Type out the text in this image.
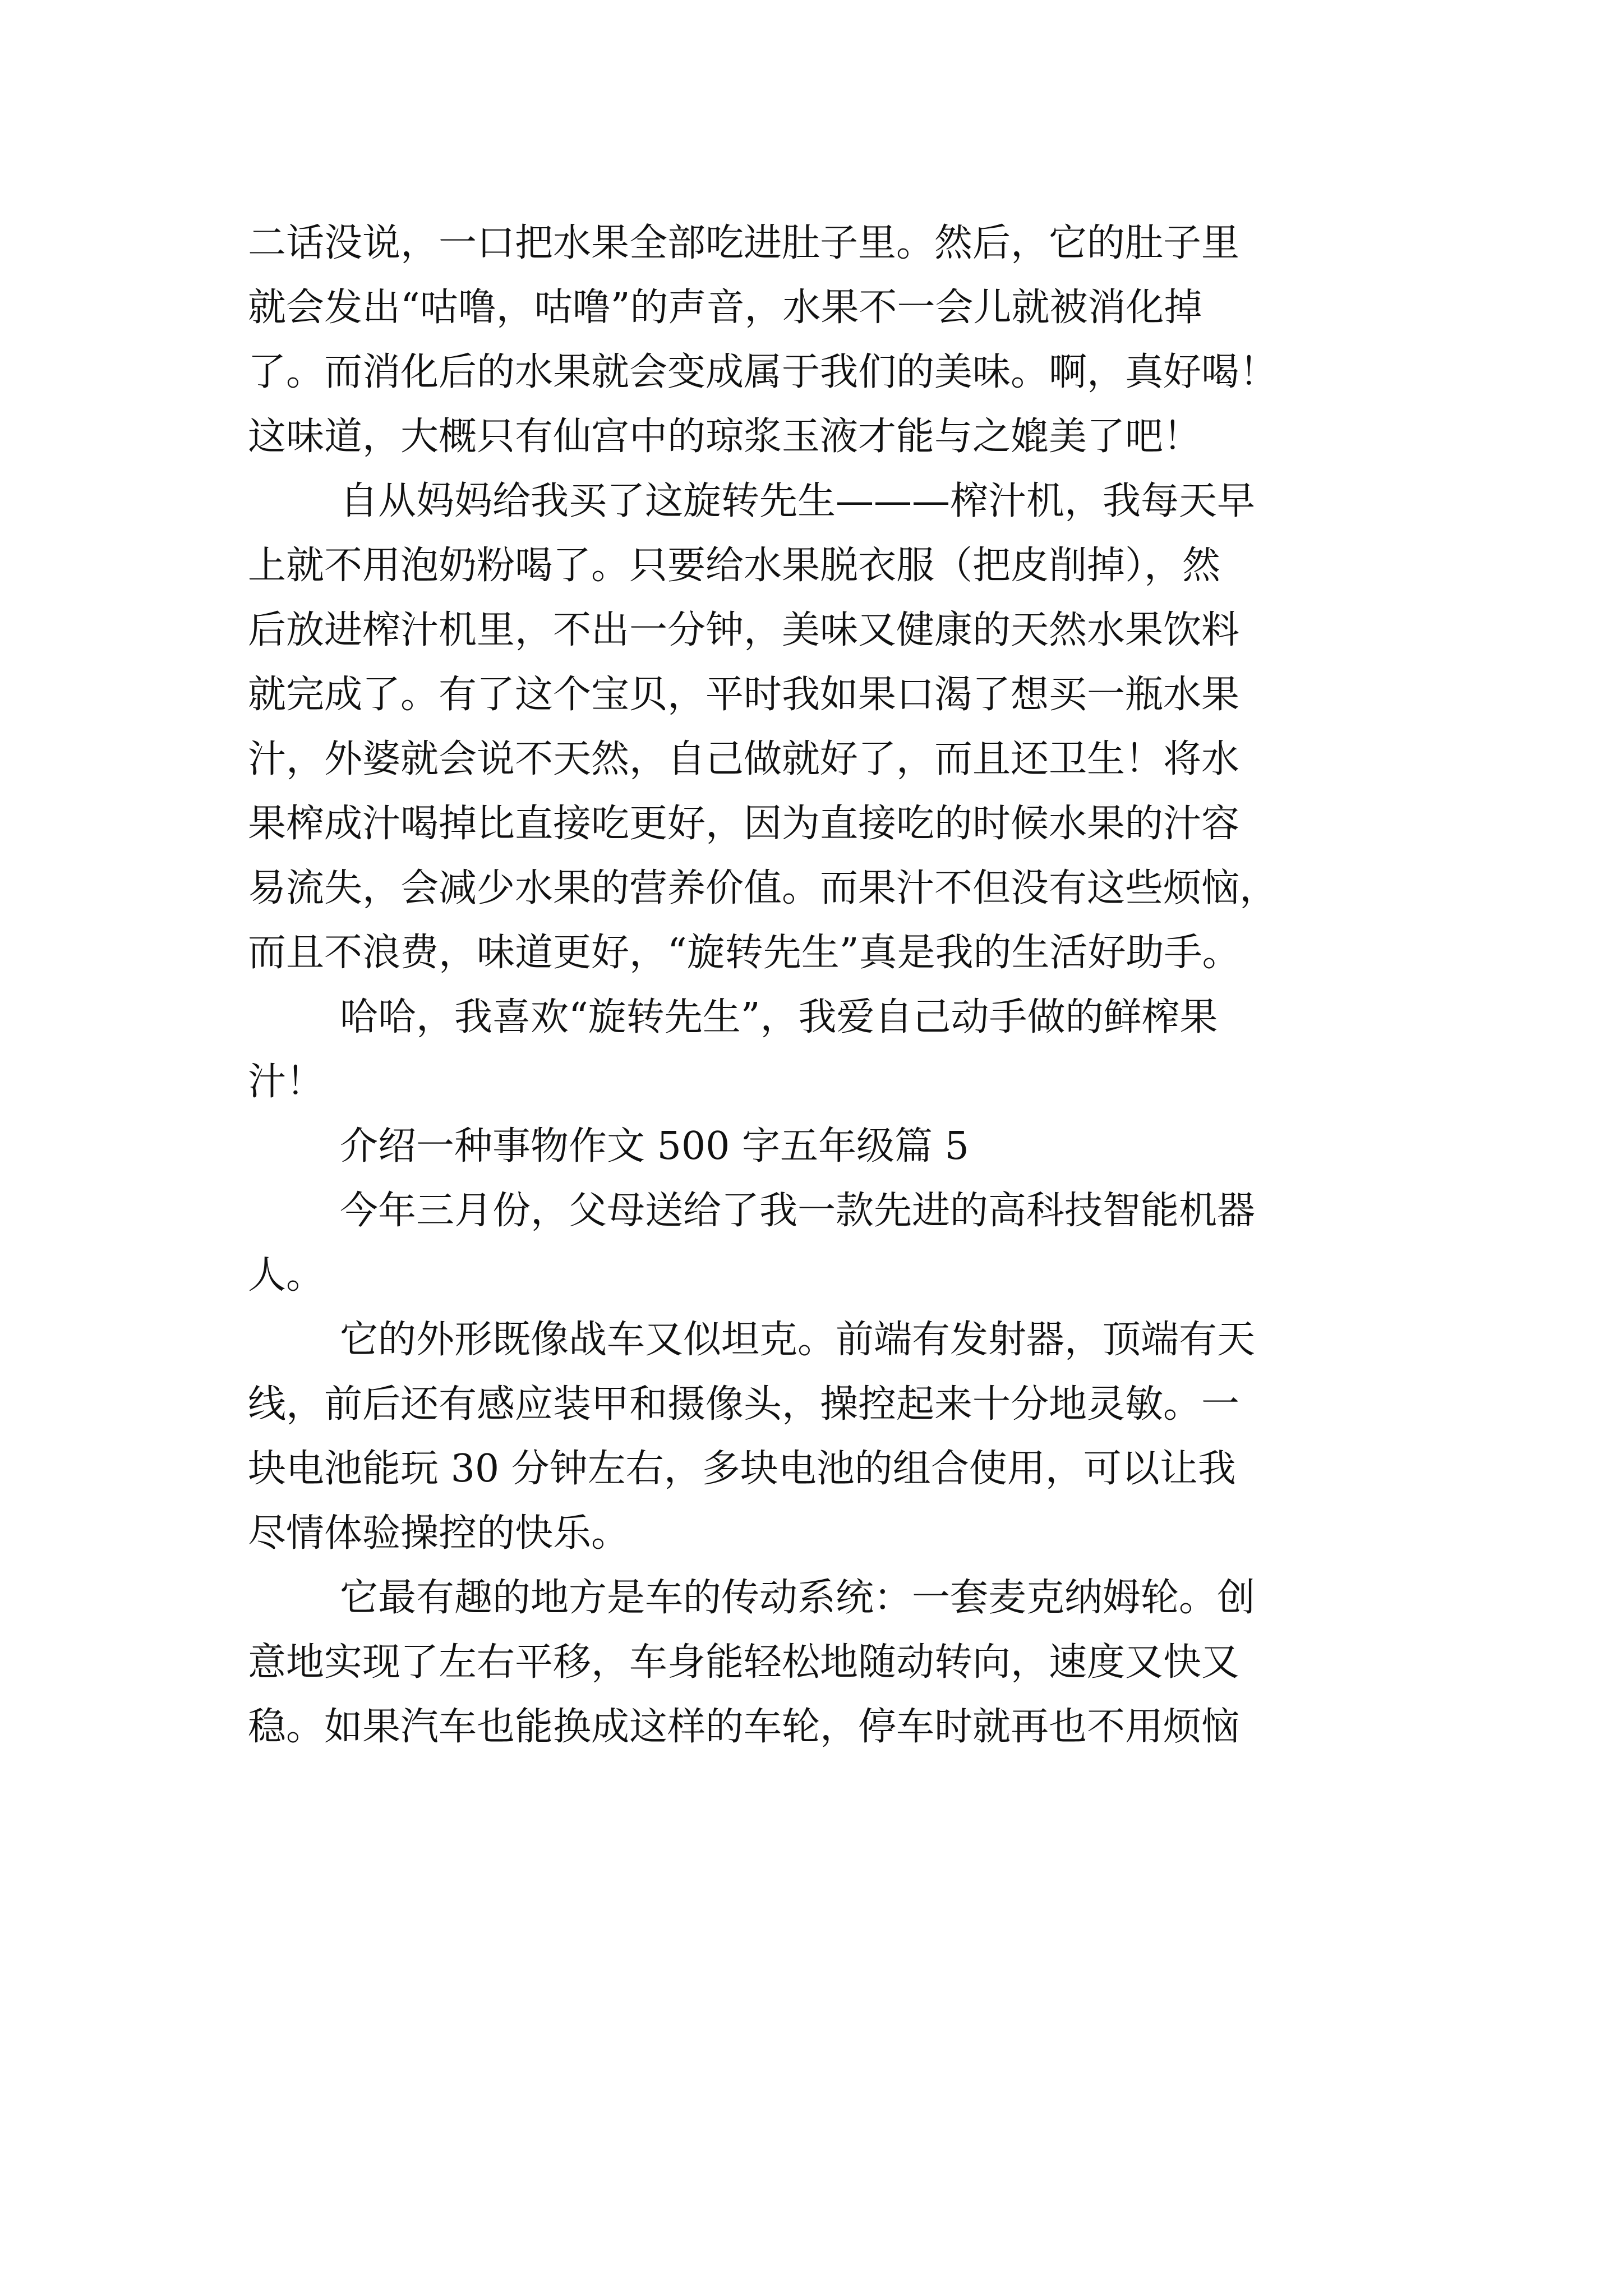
二话没说，一口把水果全部吃进肚子里。然后，它的肚子里
就会发出“咕噜，咕噜”的声音，水果不一会儿就被消化掉
了。而消化后的水果就会变成属于我们的美味。啊，真好喝！
这味道，大概只有仙宫中的琼浆玉液才能与之媲美了吧！
自从妈妈给我买了这旋转先生———榨汁机，我每天早
上就不用泡奶粉喝了。只要给水果脱衣服（把皮削掉），然
后放进榨汁机里，不出一分钟，美味又健康的天然水果饮料
就完成了。有了这个宝贝，平时我如果口渴了想买一瓶水果
汁，外婆就会说不天然，自己做就好了，而且还卫生！将水
果榨成汁喝掉比直接吃更好，因为直接吃的时候水果的汁容
易流失，会减少水果的营养价值。而果汁不但没有这些烦恼，
而且不浪费，味道更好，“旋转先生”真是我的生活好助手。
哈哈，我喜欢“旋转先生”，我爱自己动手做的鲜榨果
汁！
介绍一种事物作文 500 字五年级篇 5
今年三月份，父母送给了我一款先进的高科技智能机器
人。
它的外形既像战车又似坦克。前端有发射器，顶端有天
线，前后还有感应装甲和摄像头，操控起来十分地灵敏。一
块电池能玩 30 分钟左右，多块电池的组合使用，可以让我
尽情体验操控的快乐。
它最有趣的地方是车的传动系统：一套麦克纳姆轮。创
意地实现了左右平移，车身能轻松地随动转向，速度又快又
稳。如果汽车也能换成这样的车轮，停车时就再也不用烦恼
